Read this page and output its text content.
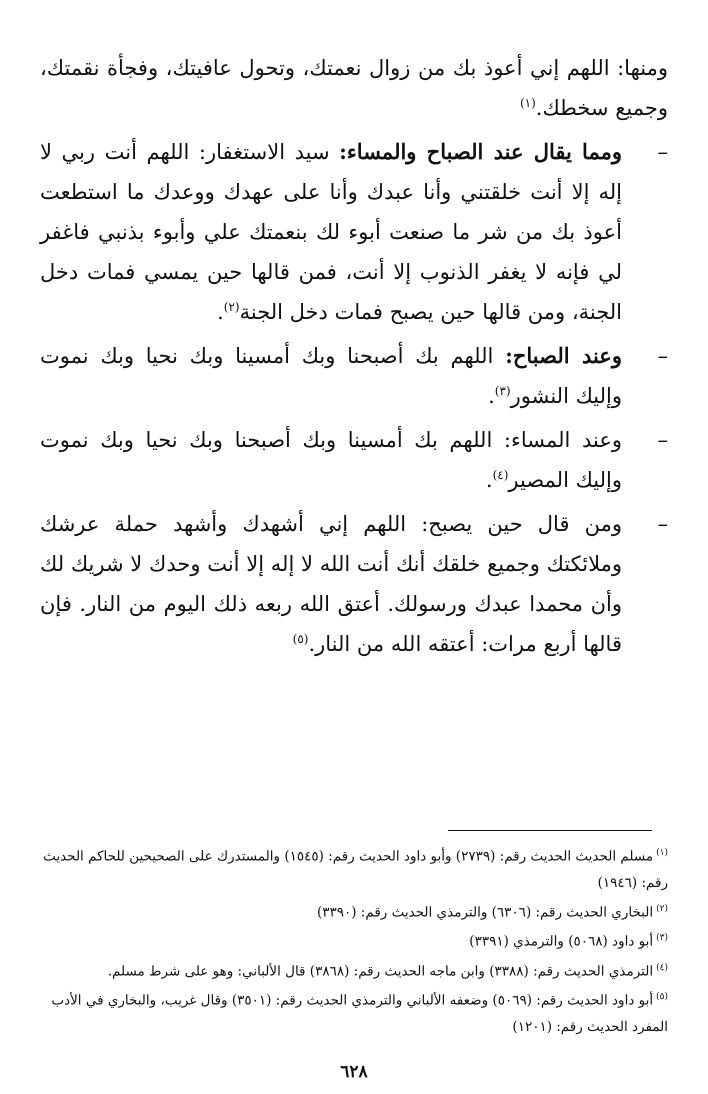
ومنها: اللهم إني أعوذ بك من زوال نعمتك، وتحول عافيتك، وفجأة نقمتك، وجميع سخطك.$^{(١)}$

–
ومما يقال عند الصباح والمساء: سيد الاستغفار: اللهم أنت ربي لا إله إلا أنت خلقتني وأنا عبدك وأنا على عهدك ووعدك ما استطعت أعوذ بك من شر ما صنعت أبوء لك بنعمتك علي وأبوء بذنبي فاغفر لي فإنه لا يغفر الذنوب إلا أنت، فمن قالها حين يمسي فمات دخل الجنة، ومن قالها حين يصبح فمات دخل الجنة$^{(٢)}$.
–
وعند الصباح: اللهم بك أصبحنا وبك أمسينا وبك نحيا وبك نموت وإليك النشور$^{(٣)}$.
–
وعند المساء: اللهم بك أمسينا وبك أصبحنا وبك نحيا وبك نموت وإليك المصير$^{(٤)}$.
–
ومن قال حين يصبح: اللهم إني أشهدك وأشهد حملة عرشك وملائكتك وجميع خلقك أنك أنت الله لا إله إلا أنت وحدك لا شريك لك وأن محمدا عبدك ورسولك. أعتق الله ربعه ذلك اليوم من النار. فإن قالها أربع مرات: أعتقه الله من النار.$^{(٥)}$

$^{(١)}$مسلم الحديث الحديث رقم: (٢٧٣٩) وأبو داود الحديث رقم: (١٥٤٥) والمستدرك على الصحيحين للحاكم الحديث رقم: (١٩٤٦)

$^{(٢)}$البخاري الحديث رقم: (٦٣٠٦) والترمذي الحديث رقم: (٣٣٩٠)

$^{(٣)}$أبو داود (٥٠٦٨) والترمذي (٣٣٩١)

$^{(٤)}$الترمذي الحديث رقم: (٣٣٨٨) وابن ماجه الحديث رقم: (٣٨٦٨) قال الألباني: وهو على شرط مسلم.

$^{(٥)}$أبو داود الحديث رقم: (٥٠٦٩) وضعفه الألباني والترمذي الحديث رقم: (٣٥٠١) وقال غريب، والبخاري في الأدب المفرد الحديث رقم: (١٢٠١)

٦٢٨
